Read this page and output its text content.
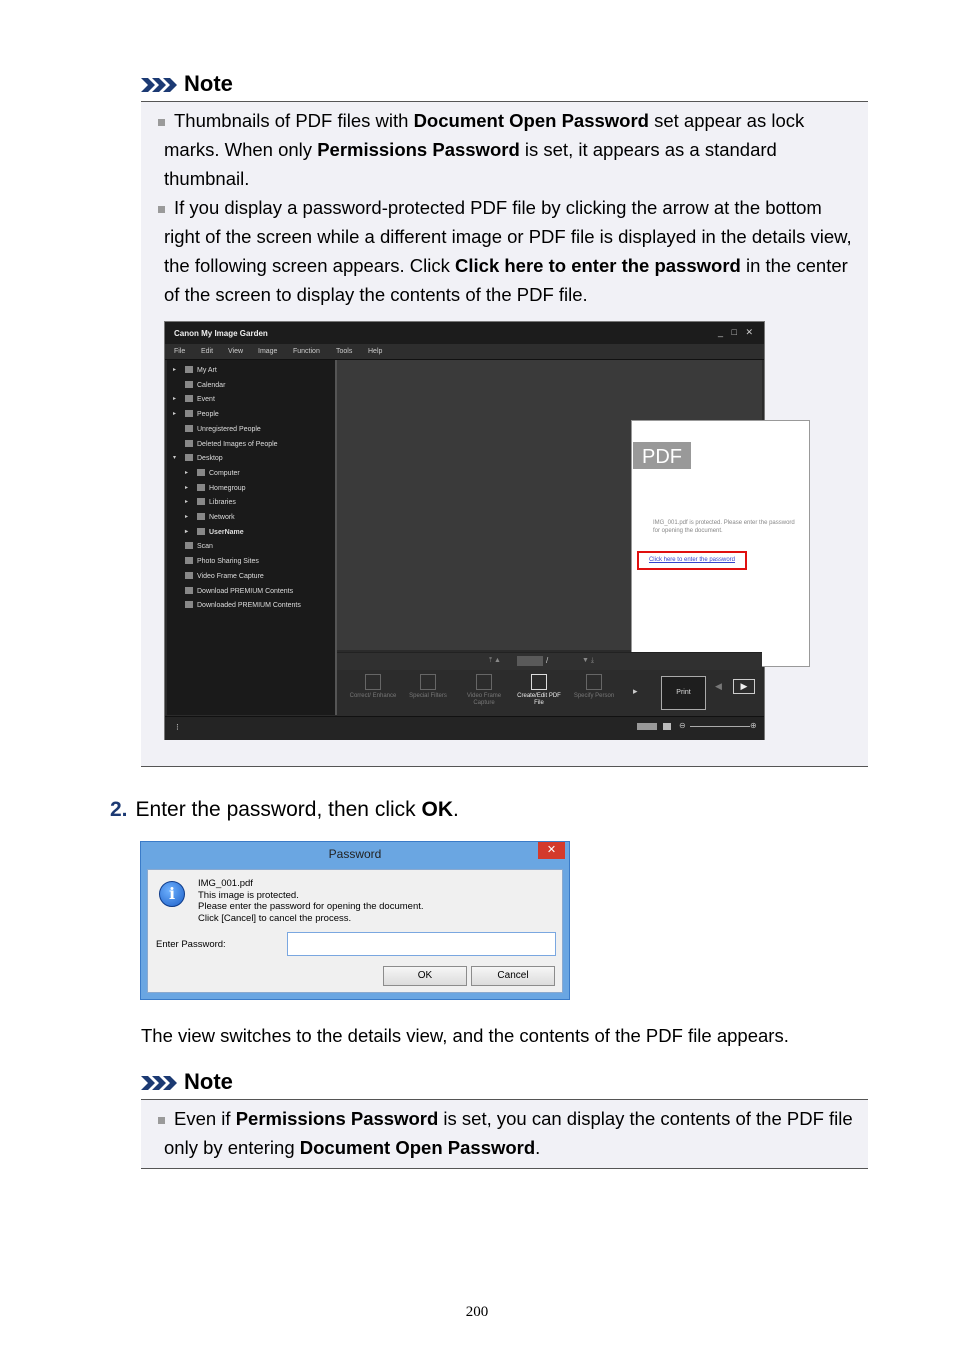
Note
Thumbnails of PDF files with Document Open Password set appear as lock marks. When only Permissions Password is set, it appears as a standard thumbnail.
If you display a password-protected PDF file by clicking the arrow at the bottom right of the screen while a different image or PDF file is displayed in the details view, the following screen appears. Click Click here to enter the password in the center of the screen to display the contents of the PDF file.
Canon My Image Garden	_ □ ✕
File Edit View Image Function Tools Help
▸	My Art
Calendar
▸	Event
▸	People
Unregistered People
Deleted Images of People
▾	Desktop
▸	Computer
▸	Homegroup
▸	Libraries
▸	Network
▸	UserName
Scan
Photo Sharing Sites
Video Frame Capture
Download PREMIUM Contents
Downloaded PREMIUM Contents
PDF
IMG_001.pdf is protected. Please enter the password for opening the document.
Click here to enter the password
⤒ ▲	/	▼ ⤓
▸	Print
◀	▶
Correct/ Enhance	Special Filters	Video Frame Capture
Create/Edit PDF File
Specify Person
⁝	⊖	⊕
2. Enter the password, then click OK.
Password	✕
i
IMG_001.pdf
This image is protected.
Please enter the password for opening the document.
Click [Cancel] to cancel the process.
Enter Password:
OK	Cancel
The view switches to the details view, and the contents of the PDF file appears.
Note
Even if Permissions Password is set, you can display the contents of the PDF file only by entering Document Open Password.
200
